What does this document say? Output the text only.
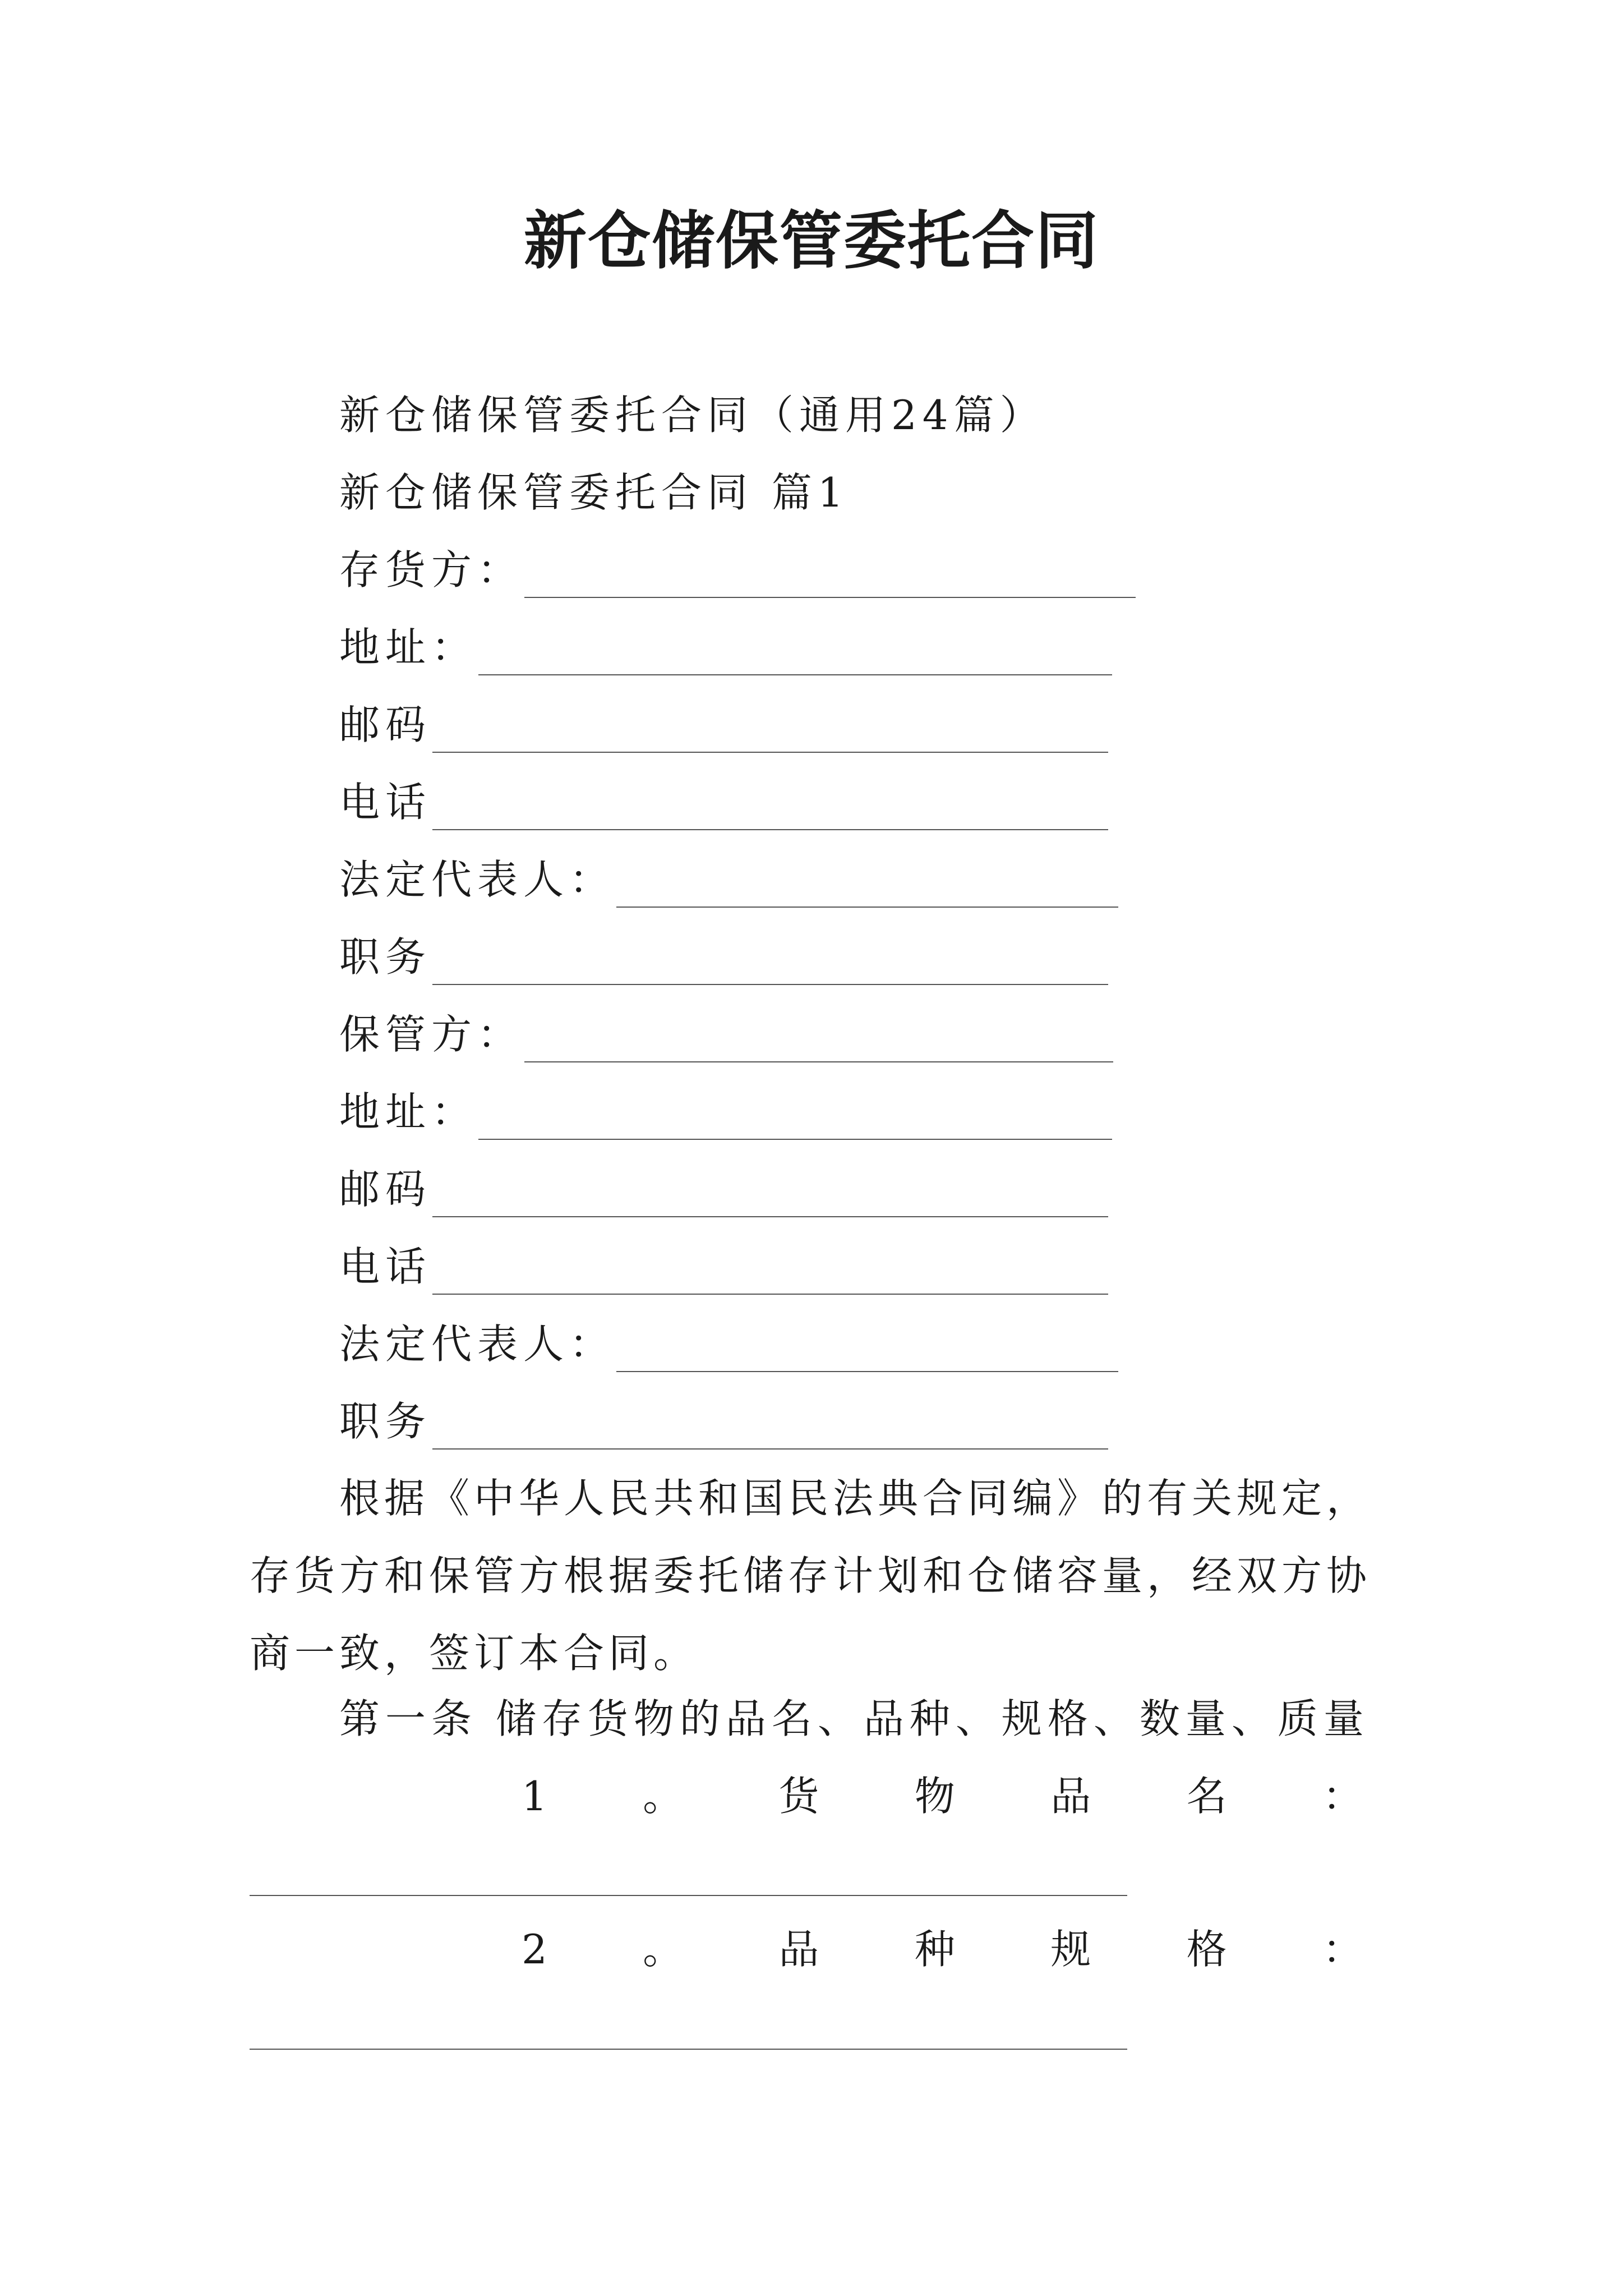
新仓储保管委托合同
新仓储保管委托合同（通用24篇）
新仓储保管委托合同 篇1
存货方：
地址：
邮码
电话
法定代表人：
职务
保管方：
地址：
邮码
电话
法定代表人：
职务
根据《中华人民共和国民法典合同编》的有关规定，存货方和保管方根据委托储存计划和仓储容量，经双方协商一致，签订本合同。
第一条 储存货物的品名、品种、规格、数量、质量
1 。 货 物 品 名 ：
2 。 品 种 规 格 ：
